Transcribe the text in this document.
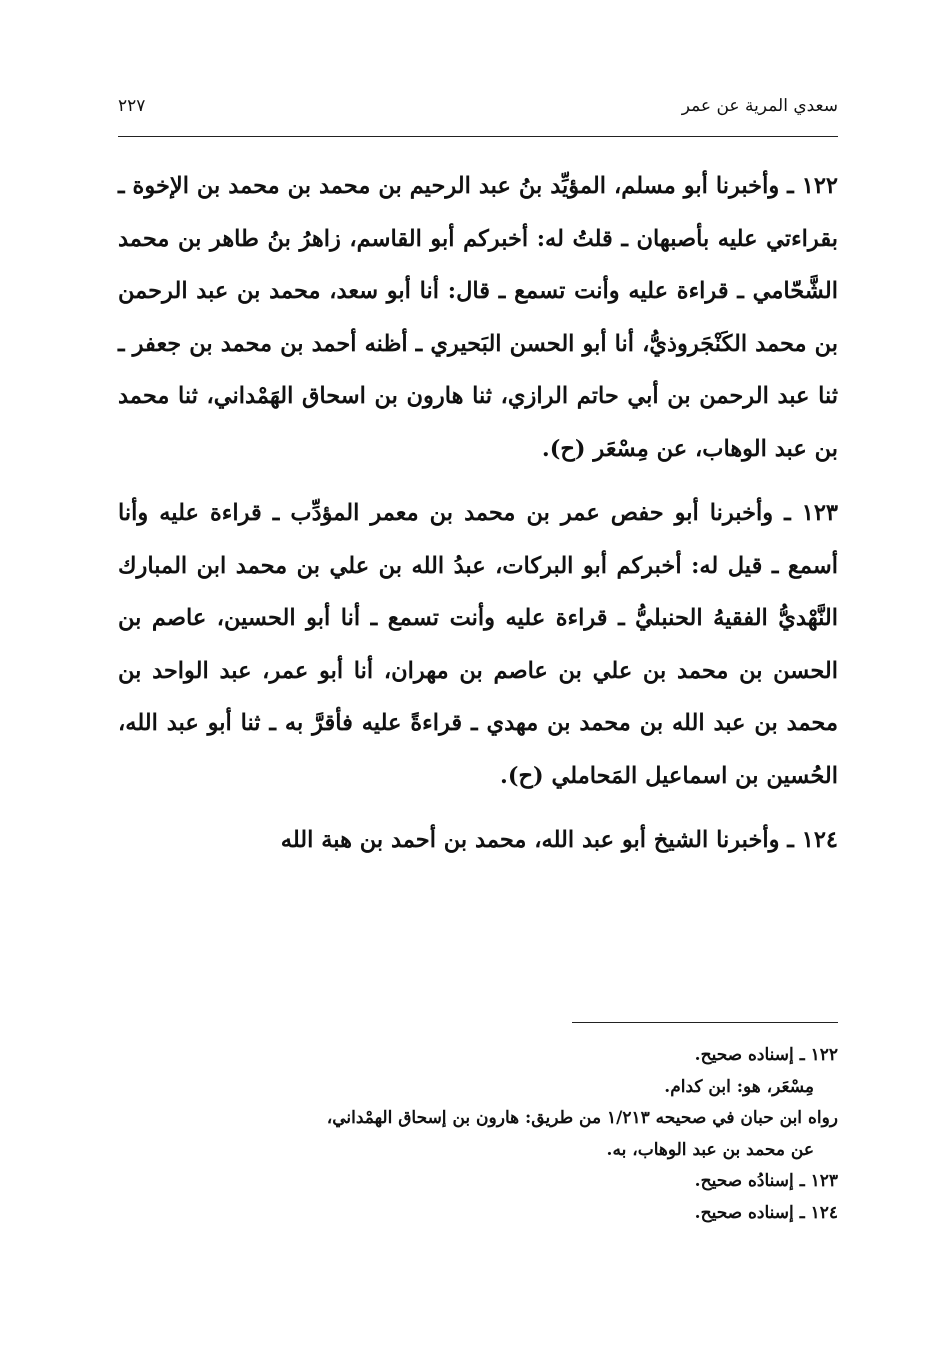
سعدي المرية عن عمر
٢٢٧

١٢٢ ـ وأخبرنا أبو مسلم، المؤيِّد بنُ عبد الرحيم بن محمد بن محمد بن الإخوة ـ بقراءتي عليه بأصبهان ـ قلتُ له: أخبركم أبو القاسم، زاهرُ بنُ طاهر بن محمد الشَّحّامي ـ قراءة عليه وأنت تسمع ـ قال: أنا أبو سعد، محمد بن عبد الرحمن بن محمد الكَنْجَروذيُّ، أنا أبو الحسن البَحيري ـ أظنه أحمد بن محمد بن جعفر ـ ثنا عبد الرحمن بن أبي حاتم الرازي، ثنا هارون بن اسحاق الهَمْداني، ثنا محمد بن عبد الوهاب، عن مِسْعَر (ح).

١٢٣ ـ وأخبرنا أبو حفص عمر بن محمد بن معمر المؤدِّب ـ قراءة عليه وأنا أسمع ـ قيل له: أخبركم أبو البركات، عبدُ الله بن علي بن محمد ابن المبارك النَّهْديُّ الفقيهُ الحنبليُّ ـ قراءة عليه وأنت تسمع ـ أنا أبو الحسين، عاصم بن الحسن بن محمد بن علي بن عاصم بن مهران، أنا أبو عمر، عبد الواحد بن محمد بن عبد الله بن محمد بن مهدي ـ قراءةً عليه فأقرَّ به ـ ثنا أبو عبد الله، الحُسين بن اسماعيل المَحاملي (ح).

١٢٤ ـ وأخبرنا الشيخ أبو عبد الله، محمد بن أحمد بن هبة الله

١٢٢ ـ إسناده صحيح.

مِسْعَر، هو: ابن كدام.

رواه ابن حبان في صحيحه ١/٢١٣ من طريق: هارون بن إسحاق الهمْداني،

عن محمد بن عبد الوهاب، به.

١٢٣ ـ إسنادُه صحيح.

١٢٤ ـ إسناده صحيح.
